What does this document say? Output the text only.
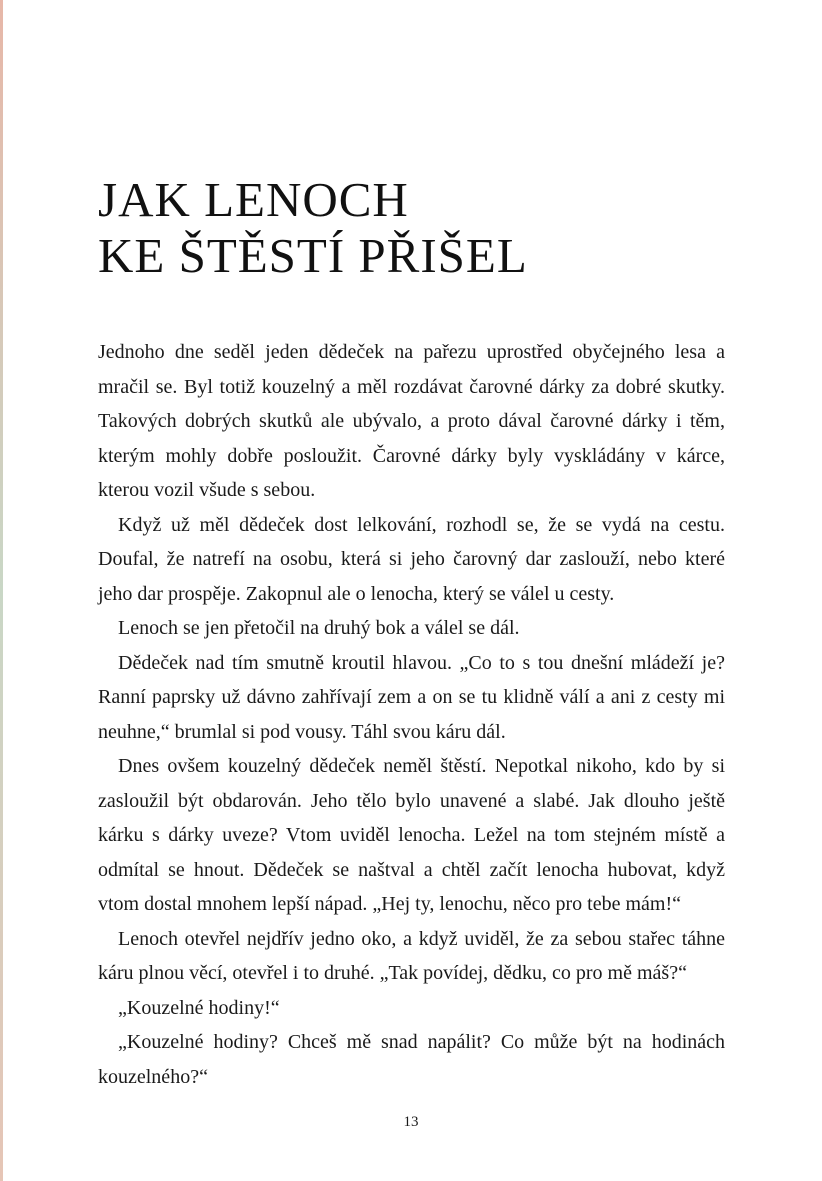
JAK LENOCH
KE ŠTĚSTÍ PŘIŠEL

Jednoho dne seděl jeden dědeček na pařezu uprostřed obyčejného lesa a mračil se. Byl totiž kouzelný a měl rozdávat čarovné dárky za dobré skutky. Takových dobrých skutků ale ubývalo, a proto dával čarovné dárky i těm, kterým mohly dobře posloužit. Čarovné dárky byly vyskládány v kárce, kterou vozil všude s sebou.

Když už měl dědeček dost lelkování, rozhodl se, že se vydá na cestu. Doufal, že natrefí na osobu, která si jeho čarovný dar zaslouží, nebo které jeho dar prospěje. Zakopnul ale o lenocha, který se válel u cesty.

Lenoch se jen přetočil na druhý bok a válel se dál.

Dědeček nad tím smutně kroutil hlavou. „Co to s tou dnešní mládeží je? Ranní paprsky už dávno zahřívají zem a on se tu klidně válí a ani z cesty mi neuhne,“ brumlal si pod vousy. Táhl svou káru dál.

Dnes ovšem kouzelný dědeček neměl štěstí. Nepotkal nikoho, kdo by si zasloužil být obdarován. Jeho tělo bylo unavené a slabé. Jak dlouho ještě kárku s dárky uveze? Vtom uviděl lenocha. Ležel na tom stejném místě a odmítal se hnout. Dědeček se naštval a chtěl začít lenocha hubovat, když vtom dostal mnohem lepší nápad. „Hej ty, lenochu, něco pro tebe mám!“

Lenoch otevřel nejdřív jedno oko, a když uviděl, že za sebou stařec táhne káru plnou věcí, otevřel i to druhé. „Tak povídej, dědku, co pro mě máš?“

„Kouzelné hodiny!“

„Kouzelné hodiny? Chceš mě snad napálit? Co může být na hodinách kouzelného?“

13
